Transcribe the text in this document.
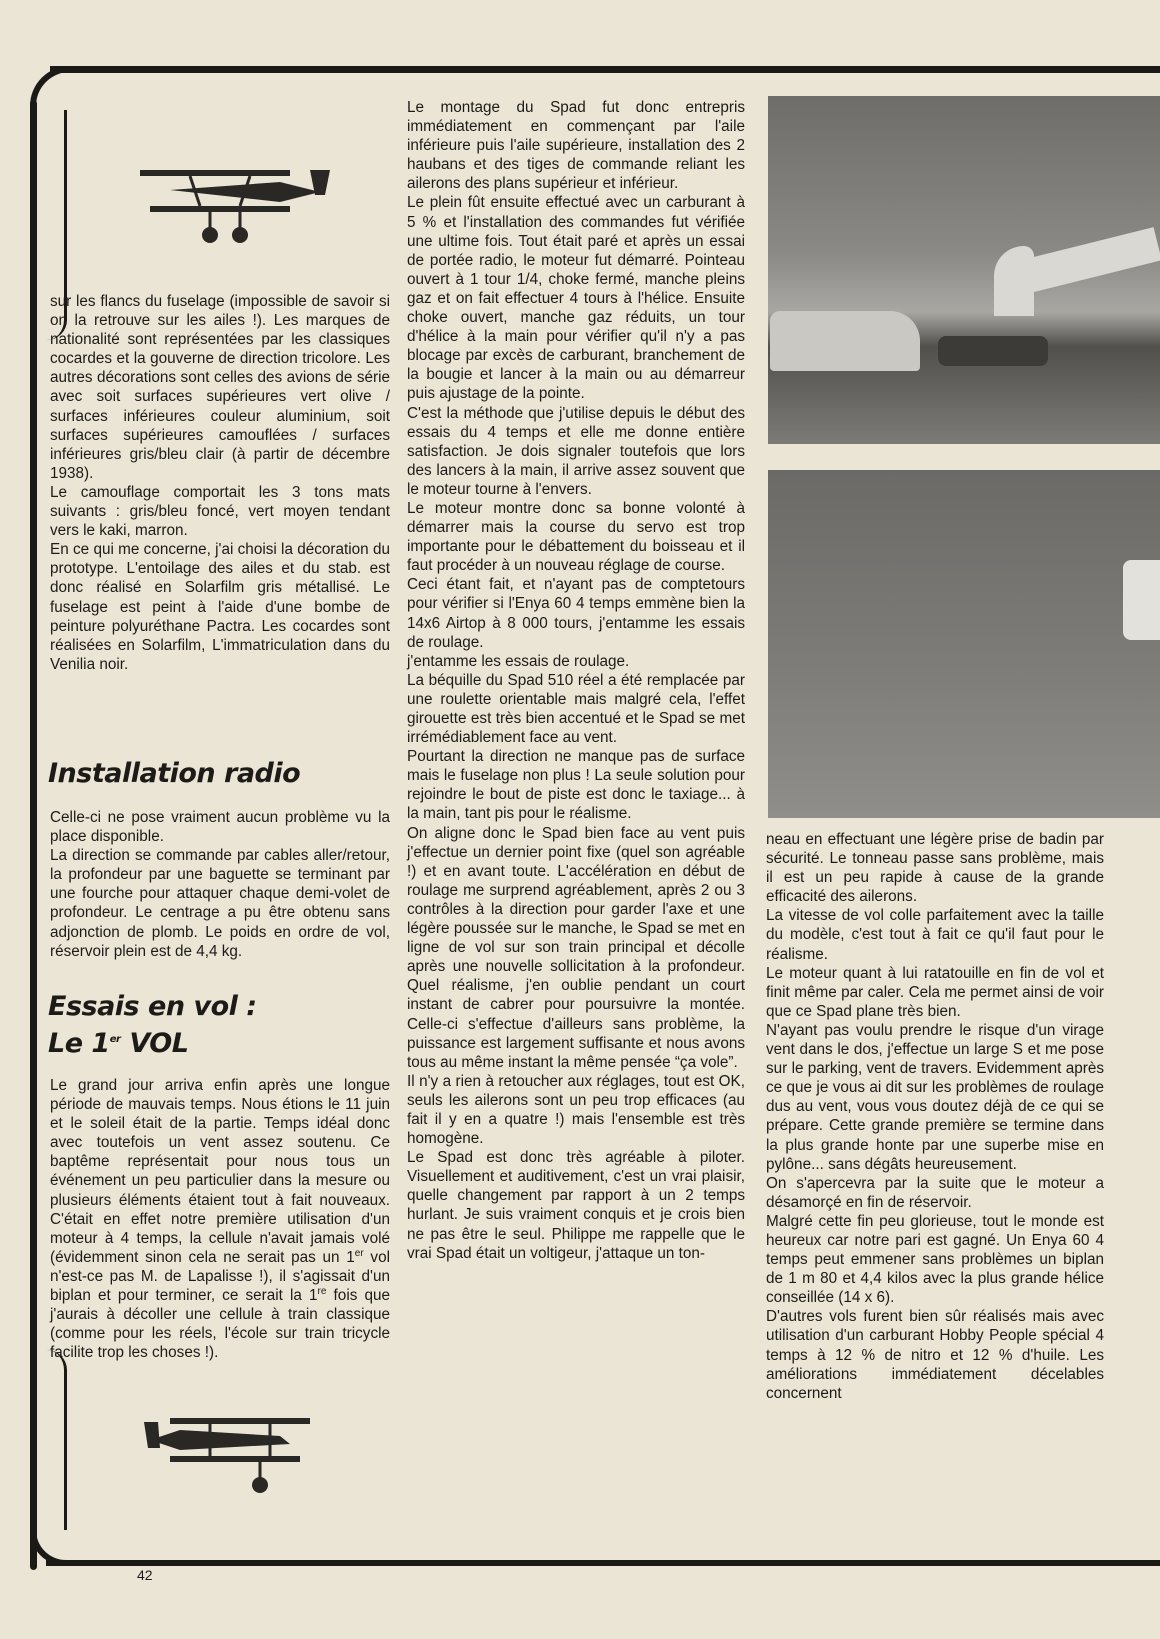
sur les flancs du fuselage (impossible de savoir si on la retrouve sur les ailes !). Les marques de nationalité sont représentées par les classiques cocardes et la gouverne de direction tricolore. Les autres décorations sont celles des avions de série avec soit surfaces supérieures vert olive / surfaces inférieures couleur aluminium, soit surfaces supérieures camouflées / surfaces inférieures gris/bleu clair (à partir de décembre 1938).

Le camouflage comportait les 3 tons mats suivants : gris/bleu foncé, vert moyen tendant vers le kaki, marron.

En ce qui me concerne, j'ai choisi la décoration du prototype. L'entoilage des ailes et du stab. est donc réalisé en Solarfilm gris métallisé. Le fuselage est peint à l'aide d'une bombe de peinture polyuréthane Pactra. Les cocardes sont réalisées en Solarfilm, L'immatriculation dans du Venilia noir.

Installation radio

Celle-ci ne pose vraiment aucun problème vu la place disponible.

La direction se commande par cables aller/retour, la profondeur par une baguette se terminant par une fourche pour attaquer chaque demi-volet de profondeur. Le centrage a pu être obtenu sans adjonction de plomb. Le poids en ordre de vol, réservoir plein est de 4,4 kg.

Essais en vol :
Le 1er VOL

Le grand jour arriva enfin après une longue période de mauvais temps. Nous étions le 11 juin et le soleil était de la partie. Temps idéal donc avec toutefois un vent assez soutenu. Ce baptême représentait pour nous tous un événement un peu particulier dans la mesure ou plusieurs éléments étaient tout à fait nouveaux. C'était en effet notre première utilisation d'un moteur à 4 temps, la cellule n'avait jamais volé (évidemment sinon cela ne serait pas un 1er vol n'est-ce pas M. de Lapalisse !), il s'agissait d'un biplan et pour terminer, ce serait la 1re fois que j'aurais à décoller une cellule à train classique (comme pour les réels, l'école sur train tricycle facilite trop les choses !).

Le montage du Spad fut donc entrepris immédiatement en commençant par l'aile inférieure puis l'aile supérieure, installation des 2 haubans et des tiges de commande reliant les ailerons des plans supérieur et inférieur.

Le plein fût ensuite effectué avec un carburant à 5 % et l'installation des commandes fut vérifiée une ultime fois. Tout était paré et après un essai de portée radio, le moteur fut démarré. Pointeau ouvert à 1 tour 1/4, choke fermé, manche pleins gaz et on fait effectuer 4 tours à l'hélice. Ensuite choke ouvert, manche gaz réduits, un tour d'hélice à la main pour vérifier qu'il n'y a pas blocage par excès de carburant, branchement de la bougie et lancer à la main ou au démarreur puis ajustage de la pointe.

C'est la méthode que j'utilise depuis le début des essais du 4 temps et elle me donne entière satisfaction. Je dois signaler toutefois que lors des lancers à la main, il arrive assez souvent que le moteur tourne à l'envers.

Le moteur montre donc sa bonne volonté à démarrer mais la course du servo est trop importante pour le débattement du boisseau et il faut procéder à un nouveau réglage de course.

Ceci étant fait, et n'ayant pas de comptetours pour vérifier si l'Enya 60 4 temps emmène bien la 14x6 Airtop à 8 000 tours, j'entamme les essais de roulage.

j'entamme les essais de roulage.

La béquille du Spad 510 réel a été remplacée par une roulette orientable mais malgré cela, l'effet girouette est très bien accentué et le Spad se met irrémédiablement face au vent.

Pourtant la direction ne manque pas de surface mais le fuselage non plus ! La seule solution pour rejoindre le bout de piste est donc le taxiage... à la main, tant pis pour le réalisme.

On aligne donc le Spad bien face au vent puis j'effectue un dernier point fixe (quel son agréable !) et en avant toute. L'accélération en début de roulage me surprend agréablement, après 2 ou 3 contrôles à la direction pour garder l'axe et une légère poussée sur le manche, le Spad se met en ligne de vol sur son train principal et décolle après une nouvelle sollicitation à la profondeur. Quel réalisme, j'en oublie pendant un court instant de cabrer pour poursuivre la montée. Celle-ci s'effectue d'ailleurs sans problème, la puissance est largement suffisante et nous avons tous au même instant la même pensée “ça vole”.

Il n'y a rien à retoucher aux réglages, tout est OK, seuls les ailerons sont un peu trop efficaces (au fait il y en a quatre !) mais l'ensemble est très homogène.

Le Spad est donc très agréable à piloter. Visuellement et auditivement, c'est un vrai plaisir, quelle changement par rapport à un 2 temps hurlant. Je suis vraiment conquis et je crois bien ne pas être le seul. Philippe me rappelle que le vrai Spad était un voltigeur, j'attaque un ton-

neau en effectuant une légère prise de badin par sécurité. Le tonneau passe sans problème, mais il est un peu rapide à cause de la grande efficacité des ailerons.

La vitesse de vol colle parfaitement avec la taille du modèle, c'est tout à fait ce qu'il faut pour le réalisme.

Le moteur quant à lui ratatouille en fin de vol et finit même par caler. Cela me permet ainsi de voir que ce Spad plane très bien.

N'ayant pas voulu prendre le risque d'un virage vent dans le dos, j'effectue un large S et me pose sur le parking, vent de travers. Evidemment après ce que je vous ai dit sur les problèmes de roulage dus au vent, vous vous doutez déjà de ce qui se prépare. Cette grande première se termine dans la plus grande honte par une superbe mise en pylône... sans dégâts heureusement.

On s'apercevra par la suite que le moteur a désamorçé en fin de réservoir.

Malgré cette fin peu glorieuse, tout le monde est heureux car notre pari est gagné. Un Enya 60 4 temps peut emmener sans problèmes un biplan de 1 m 80 et 4,4 kilos avec la plus grande hélice conseillée (14 x 6).

D'autres vols furent bien sûr réalisés mais avec utilisation d'un carburant Hobby People spécial 4 temps à 12 % de nitro et 12 % d'huile. Les améliorations immédiatement décelables concernent

42
